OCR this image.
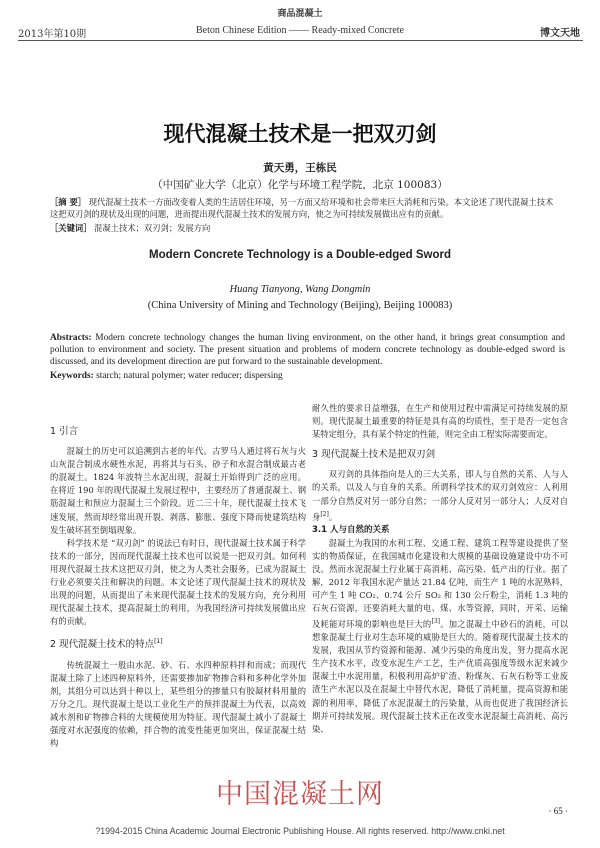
商品混凝土
2013年第10期	Beton Chinese Edition —— Ready-mixed Concrete	博文天地
现代混凝土技术是一把双刃剑
黄天勇，王栋民
（中国矿业大学（北京）化学与环境工程学院，北京 100083）
［摘 要］ 现代混凝土技术一方面改变着人类的生活居住环境，另一方面又给环境和社会带来巨大消耗和污染。本文论述了现代混凝土技术这把双刃剑的现状及出现的问题，进而提出现代混凝土技术的发展方向，使之为可持续发展做出应有的贡献。
［关键词］ 混凝土技术；双刃剑；发展方向
Modern Concrete Technology is a Double-edged Sword
Huang Tianyong, Wang Dongmin
(China University of Mining and Technology (Beijing), Beijing 100083)
Abstracts: Modern concrete technology changes the human living environment, on the other hand, it brings great consumption and pollution to environment and society. The present situation and problems of modern concrete technology as double-edged sword is discussed, and its development direction are put forward to the sustainable development.
Keywords: starch; natural polymer; water reducer; dispersing

1 引言

混凝土的历史可以追溯到古老的年代。古罗马人通过将石灰与火山灰混合制成水硬性水泥，再将其与石头、砂子和水混合制成最古老的混凝土。1824 年波特兰水泥出现，混凝土开始得到广泛的应用。在将近 190 年的现代混凝土发展过程中，主要经历了普通混凝土、钢筋混凝土和预应力混凝土三个阶段。近二三十年，现代混凝土技术飞速发展，然而却经常出现开裂、剥落、膨胀、强度下降而使建筑结构发生破坏甚至倒塌现象。

科学技术是 “双刃剑” 的说法已有时日，现代混凝土技术属于科学技术的一部分，因而现代混凝土技术也可以说是一把双刃剑。如何利用现代混凝土技术这把双刃剑，使之为人类社会服务，已成为混凝土行业必须要关注和解决的问题。本文论述了现代混凝土技术的现状及出现的问题，从而提出了未来现代混凝土技术的发展方向，充分利用现代混凝土技术，提高混凝土的利用，为我国经济可持续发展做出应有的贡献。

2 现代混凝土技术的特点[1]

传统混凝土一般由水泥、砂、石、水四种原料拌和而成；而现代混凝土除了上述四种原料外，还需要掺加矿物掺合料和多种化学外加剂，其组分可以达到十种以上，某些组分的掺量只有胶凝材料用量的万分之几。现代混凝土是以工业化生产的预拌混凝土为代表，以高效减水剂和矿物掺合料的大规模使用为特征。现代混凝土减小了混凝土强度对水泥强度的依赖，拌合物的流变性能更加突出，保证混凝土结构

耐久性的要求日益增强，在生产和使用过程中需满足可持续发展的原则。现代混凝土最重要的特征是具有高的均质性，至于是否一定包含某特定组分，具有某个特定的性能，则完全由工程实际需要而定。

3 现代混凝土技术是把双刃剑

双刃剑的具体指向是人的三大关系，即人与自然的关系、人与人的关系，以及人与自身的关系。所谓科学技术的双刃剑效应：人利用一部分自然反对另一部分自然；一部分人反对另一部分人；人反对自身[2]。

3.1 人与自然的关系

混凝土为我国的水利工程、交通工程、建筑工程等建设提供了坚实的物质保证，在我国城市化建设和大规模的基础设施建设中功不可没。然而水泥混凝土行业属于高消耗、高污染、低产出的行业。据了解，2012 年我国水泥产量达 21.84 亿吨，而生产 1 吨的水泥熟料，可产生 1 吨 CO₂、0.74 公斤 SO₂ 和 130 公斤粉尘，消耗 1.3 吨的石灰石资源，还要消耗大量的电、煤、水等资源，同时，开采、运输及耗能对环境的影响也是巨大的[3]。加之混凝土中砂石的消耗，可以想象混凝土行业对生态环境的威胁是巨大的。随着现代混凝土技术的发展，我国从节约资源和能源、减少污染的角度出发，努力提高水泥生产技术水平，改变水泥生产工艺，生产优质高强度等级水泥来减少混凝土中水泥用量，积极利用高炉矿渣、粉煤灰、石灰石粉等工业废渣生产水泥以及在混凝土中替代水泥，降低了消耗量，提高资源和能源的利用率，降低了水泥混凝土的污染量，从而也促进了我国经济长期并可持续发展。现代混凝土技术正在改变水泥混凝土高消耗、高污染、

中国混凝土网
· 65 ·
?1994-2015 China Academic Journal Electronic Publishing House. All rights reserved. http://www.cnki.net
